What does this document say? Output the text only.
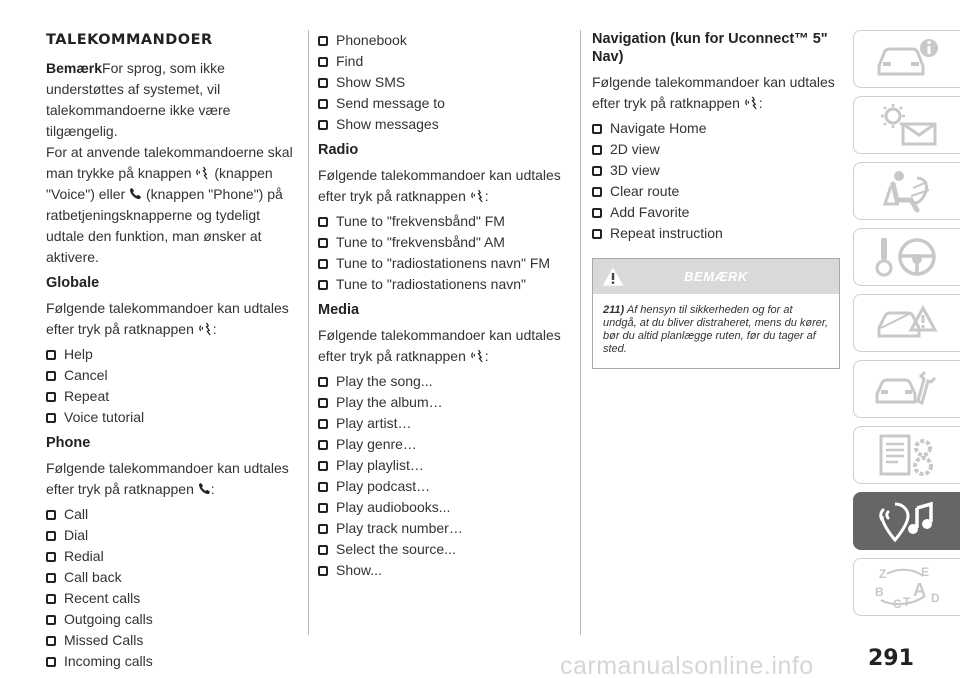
TALEKOMMANDOER
BemærkFor sprog, som ikke understøttes af systemet, vil talekommandoerne ikke være tilgængelig.
For at anvende talekommandoerne skal man trykke på knappen (knappen "Voice") eller (knappen "Phone") på ratbetjeningsknapperne og tydeligt udtale den funktion, man ønsker at aktivere.
Globale
Følgende talekommandoer kan udtales efter tryk på ratknappen :
Help
Cancel
Repeat
Voice tutorial
Phone
Følgende talekommandoer kan udtales efter tryk på ratknappen :
Call
Dial
Redial
Call back
Recent calls
Outgoing calls
Missed Calls
Incoming calls
Phonebook
Find
Show SMS
Send message to
Show messages
Radio
Følgende talekommandoer kan udtales efter tryk på ratknappen :
Tune to "frekvensbånd" FM
Tune to "frekvensbånd" AM
Tune to "radiostationens navn" FM
Tune to "radiostationens navn"
Media
Følgende talekommandoer kan udtales efter tryk på ratknappen :
Play the song...
Play the album…
Play artist…
Play genre…
Play playlist…
Play podcast…
Play audiobooks...
Play track number…
Select the source...
Show...
Navigation (kun for Uconnect™ 5" Nav)
Følgende talekommandoer kan udtales efter tryk på ratknappen :
Navigate Home
2D view
3D view
Clear route
Add Favorite
Repeat instruction
BEMÆRK
211) Af hensyn til sikkerheden og for at undgå, at du bliver distraheret, mens du kører, bør du altid planlægge ruten, før du tager af sted.
Z	E
B A D
C T
291
carmanualsonline.info
